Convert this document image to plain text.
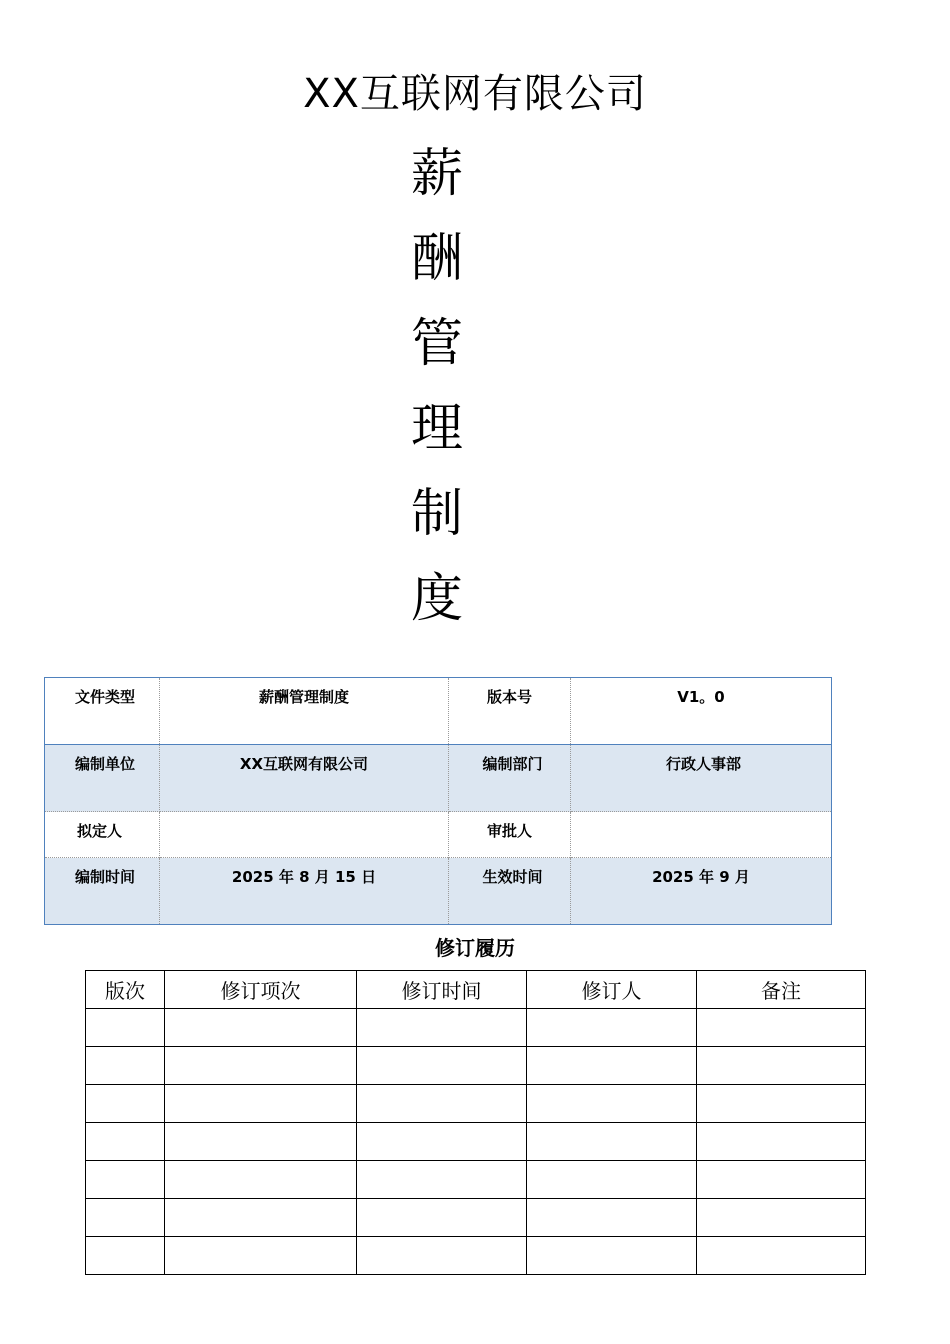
XX互联网有限公司
薪
酬
管
理
制
度
文件类型	薪酬管理制度	版本号	V1。0
编制单位	XX互联网有限公司	编制部门	行政人事部
拟定人		审批人	
编制时间	2025 年 8 月 15 日	生效时间	2025 年 9 月
修订履历
版次	修订项次	修订时间	修订人	备注
